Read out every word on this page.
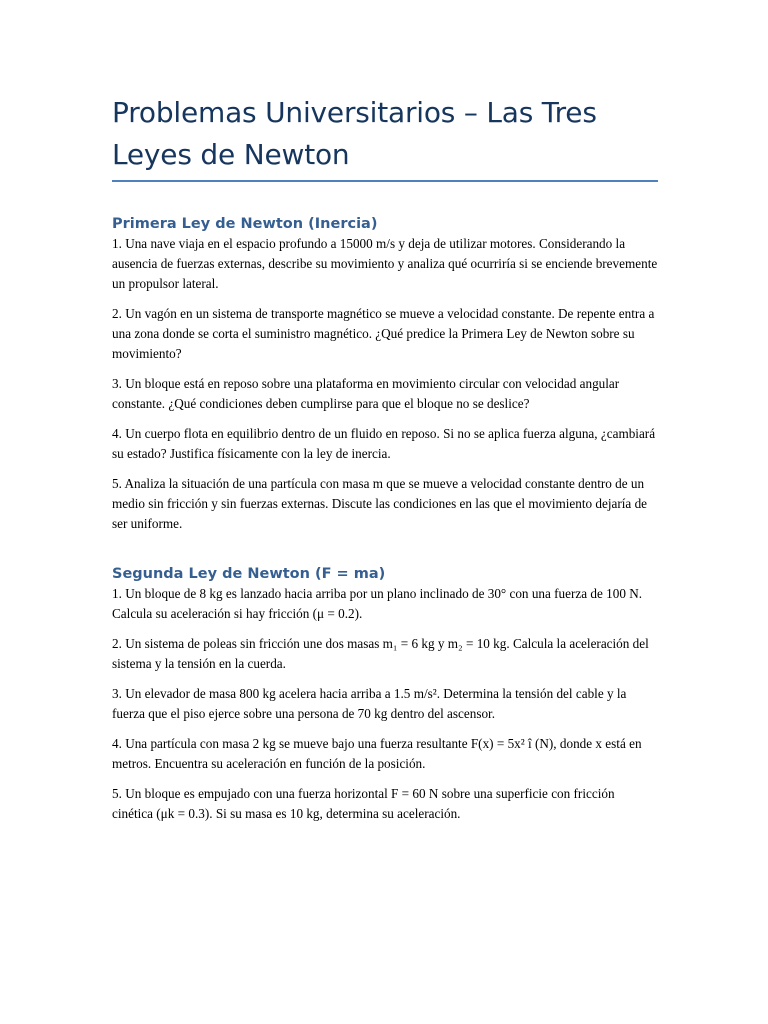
Problemas Universitarios – Las Tres Leyes de Newton
Primera Ley de Newton (Inercia)

1. Una nave viaja en el espacio profundo a 15000 m/s y deja de utilizar motores. Considerando la ausencia de fuerzas externas, describe su movimiento y analiza qué ocurriría si se enciende brevemente un propulsor lateral.

2. Un vagón en un sistema de transporte magnético se mueve a velocidad constante. De repente entra a una zona donde se corta el suministro magnético. ¿Qué predice la Primera Ley de Newton sobre su movimiento?

3. Un bloque está en reposo sobre una plataforma en movimiento circular con velocidad angular constante. ¿Qué condiciones deben cumplirse para que el bloque no se deslice?

4. Un cuerpo flota en equilibrio dentro de un fluido en reposo. Si no se aplica fuerza alguna, ¿cambiará su estado? Justifica físicamente con la ley de inercia.

5. Analiza la situación de una partícula con masa m que se mueve a velocidad constante dentro de un medio sin fricción y sin fuerzas externas. Discute las condiciones en las que el movimiento dejaría de ser uniforme.

Segunda Ley de Newton (F = ma)

1. Un bloque de 8 kg es lanzado hacia arriba por un plano inclinado de 30° con una fuerza de 100 N. Calcula su aceleración si hay fricción (μ = 0.2).

2. Un sistema de poleas sin fricción une dos masas m₁ = 6 kg y m₂ = 10 kg. Calcula la aceleración del sistema y la tensión en la cuerda.

3. Un elevador de masa 800 kg acelera hacia arriba a 1.5 m/s². Determina la tensión del cable y la fuerza que el piso ejerce sobre una persona de 70 kg dentro del ascensor.

4. Una partícula con masa 2 kg se mueve bajo una fuerza resultante F(x) = 5x² î (N), donde x está en metros. Encuentra su aceleración en función de la posición.

5. Un bloque es empujado con una fuerza horizontal F = 60 N sobre una superficie con fricción cinética (μk = 0.3). Si su masa es 10 kg, determina su aceleración.
